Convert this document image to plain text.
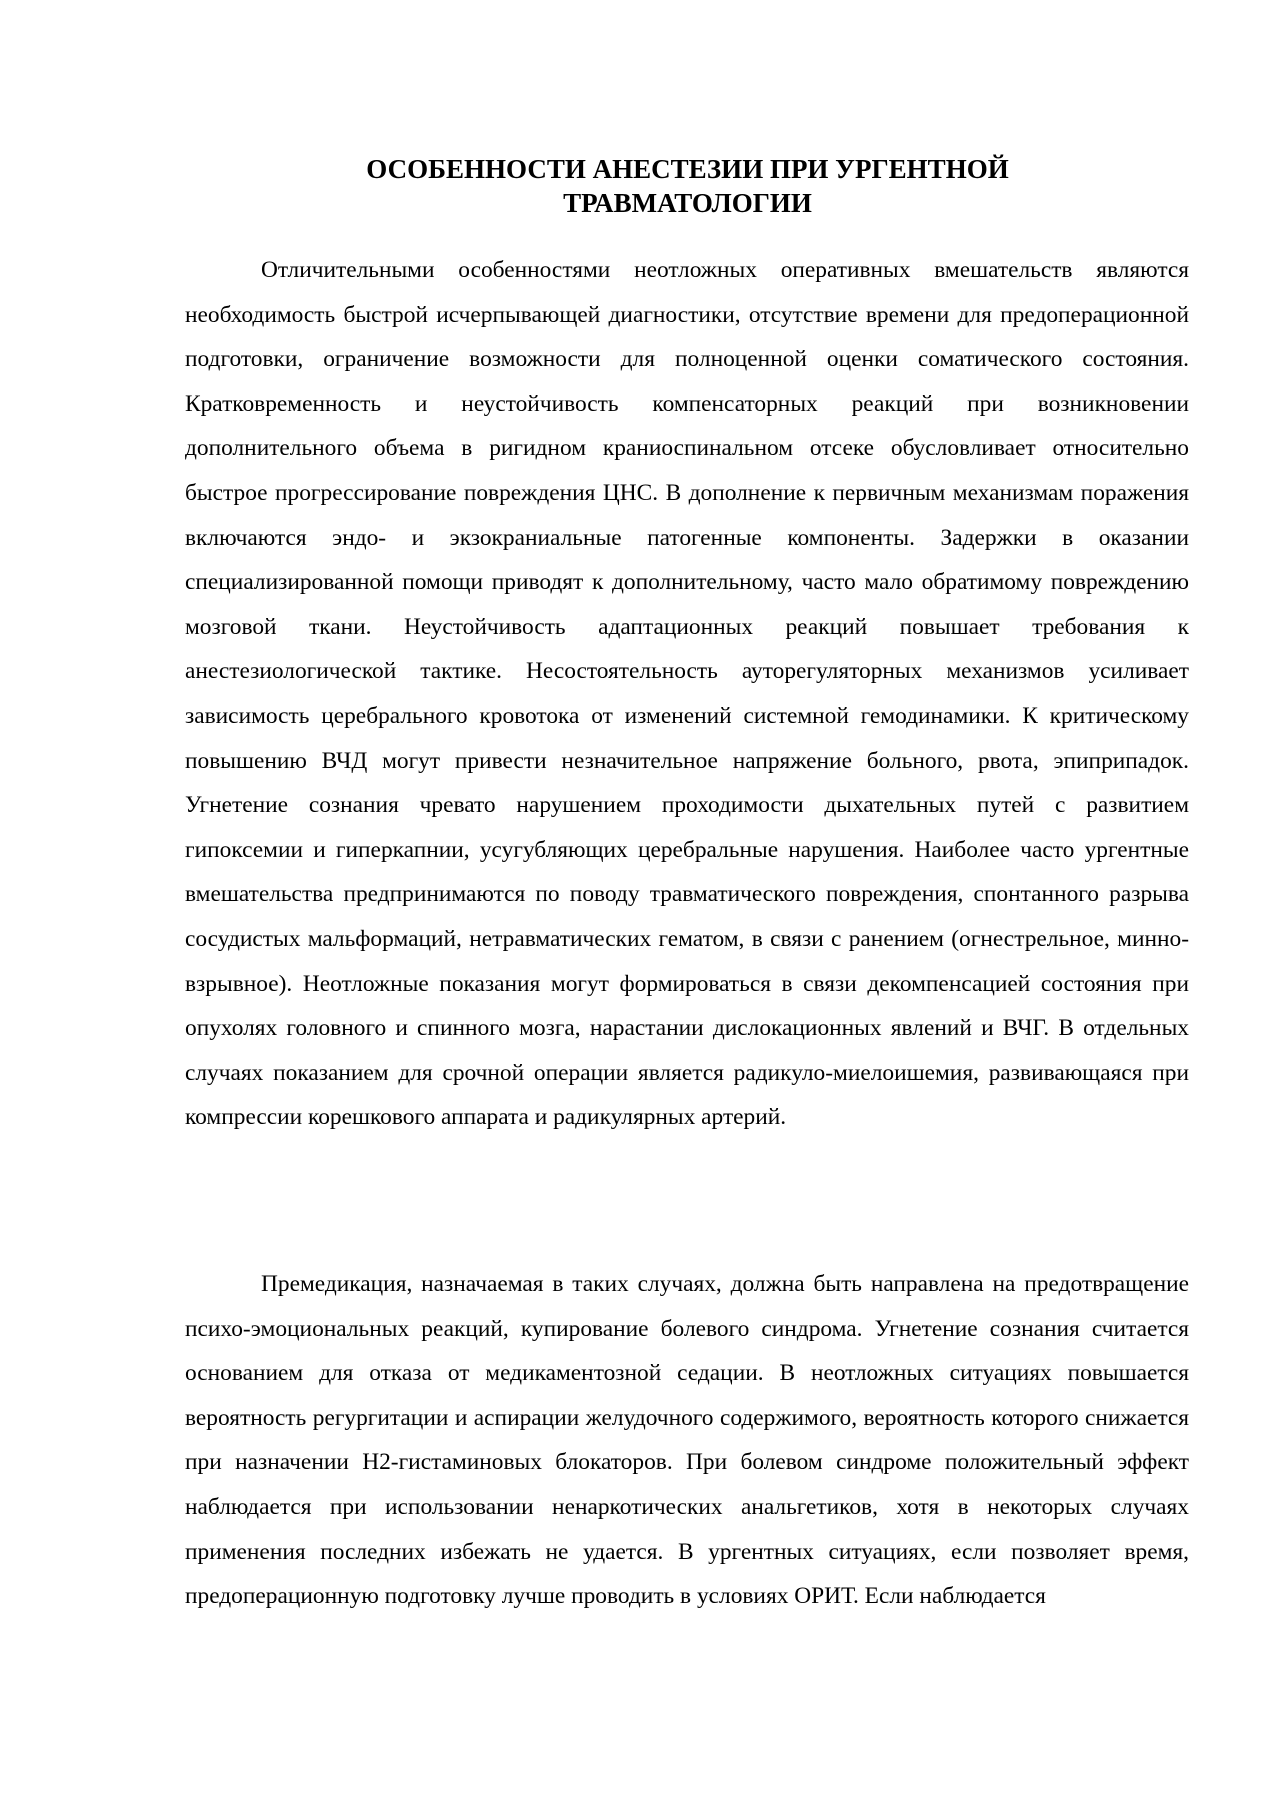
ОСОБЕННОСТИ АНЕСТЕЗИИ ПРИ УРГЕНТНОЙ
ТРАВМАТОЛОГИИ

Отличительными особенностями неотложных оперативных вмешательств являются необходимость быстрой исчерпывающей диагностики, отсутствие времени для предоперационной подготовки, ограничение возможности для полноценной оценки соматического состояния. Кратковременность и неустойчивость компенсаторных реакций при возникновении дополнительного объема в ригидном краниоспинальном отсеке обусловливает относительно быстрое прогрессирование повреждения ЦНС. В дополнение к первичным механизмам поражения включаются эндо- и экзокраниальные патогенные компоненты. Задержки в оказании специализированной помощи приводят к дополнительному, часто мало обратимому повреждению мозговой ткани. Неустойчивость адаптационных реакций повышает требования к анестезиологической тактике. Несостоятельность ауторегуляторных механизмов усиливает зависимость церебрального кровотока от изменений системной гемодинамики. К критическому повышению ВЧД могут привести незначительное напряжение больного, рвота, эпиприпадок. Угнетение сознания чревато нарушением проходимости дыхательных путей с развитием гипоксемии и гиперкапнии, усугубляющих церебральные нарушения. Наиболее часто ургентные вмешательства предпринимаются по поводу травматического повреждения, спонтанного разрыва сосудистых мальформаций, нетравматических гематом, в связи с ранением (огнестрельное, минно-взрывное). Неотложные показания могут формироваться в связи декомпенсацией состояния при опухолях головного и спинного мозга, нарастании дислокационных явлений и ВЧГ. В отдельных случаях показанием для срочной операции является радикуло-миелоишемия, развивающаяся при компрессии корешкового аппарата и радикулярных артерий.

Премедикация, назначаемая в таких случаях, должна быть направлена на предотвращение психо-эмоциональных реакций, купирование болевого синдрома. Угнетение сознания считается основанием для отказа от медикаментозной седации. В неотложных ситуациях повышается вероятность регургитации и аспирации желудочного содержимого, вероятность которого снижается при назначении Н2-гистаминовых блокаторов. При болевом синдроме положительный эффект наблюдается при использовании ненаркотических анальгетиков, хотя в некоторых случаях применения последних избежать не удается. В ургентных ситуациях, если позволяет время, предоперационную подготовку лучше проводить в условиях ОРИТ. Если наблюдается
